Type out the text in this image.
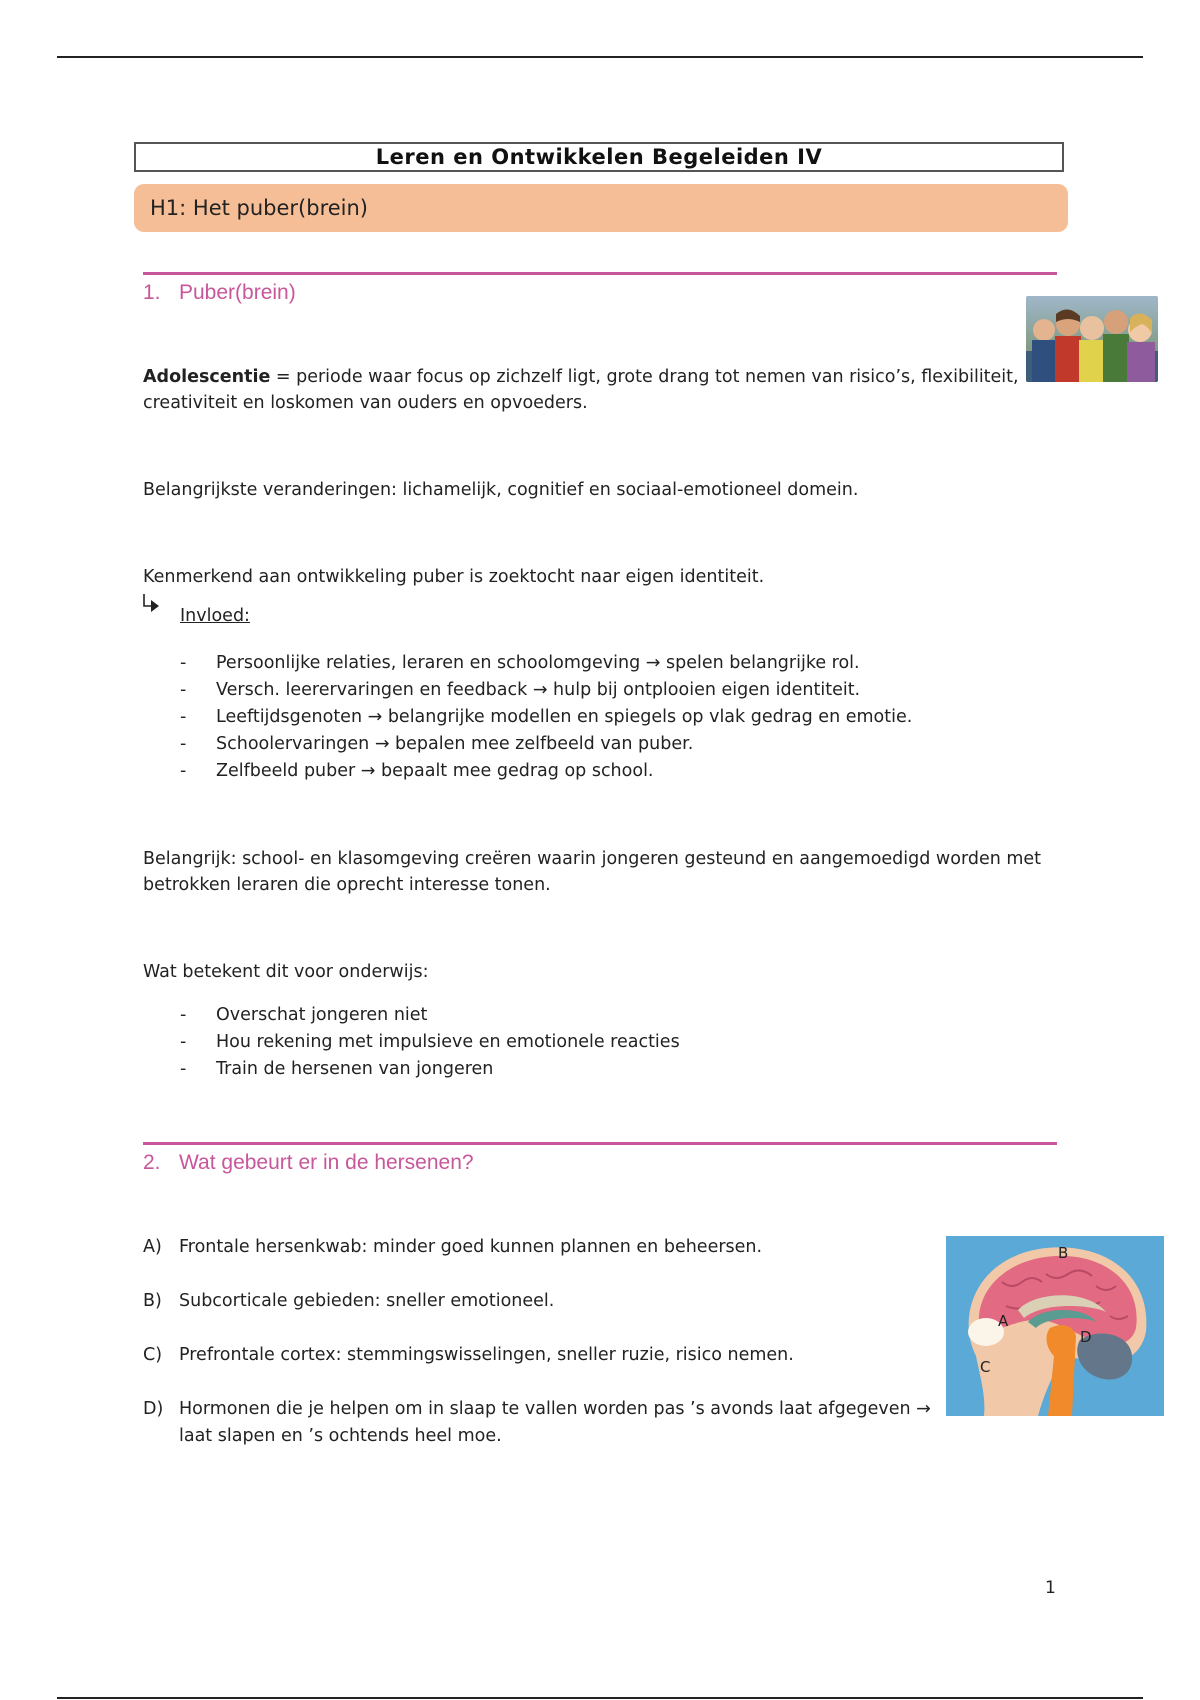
Leren en Ontwikkelen Begeleiden IV
H1: Het puber(brein)
1. Puber(brein)
Adolescentie = periode waar focus op zichzelf ligt, grote drang tot nemen van risico’s, flexibiliteit, creativiteit en loskomen van ouders en opvoeders.
Belangrijkste veranderingen: lichamelijk, cognitief en sociaal-emotioneel domein.
Kenmerkend aan ontwikkeling puber is zoektocht naar eigen identiteit.
Invloed:
- Persoonlijke relaties, leraren en schoolomgeving → spelen belangrijke rol.
- Versch. leerervaringen en feedback → hulp bij ontplooien eigen identiteit.
- Leeftijdsgenoten → belangrijke modellen en spiegels op vlak gedrag en emotie.
- Schoolervaringen → bepalen mee zelfbeeld van puber.
- Zelfbeeld puber → bepaalt mee gedrag op school.
Belangrijk: school- en klasomgeving creëren waarin jongeren gesteund en aangemoedigd worden met betrokken leraren die oprecht interesse tonen.
Wat betekent dit voor onderwijs:
- Overschat jongeren niet
- Hou rekening met impulsieve en emotionele reacties
- Train de hersenen van jongeren
2. Wat gebeurt er in de hersenen?
A) Frontale hersenkwab: minder goed kunnen plannen en beheersen.
B) Subcorticale gebieden: sneller emotioneel.
C) Prefrontale cortex: stemmingswisselingen, sneller ruzie, risico nemen.
D) Hormonen die je helpen om in slaap te vallen worden pas ’s avonds laat afgegeven → laat slapen en ’s ochtends heel moe.
B
A
D
C
1
